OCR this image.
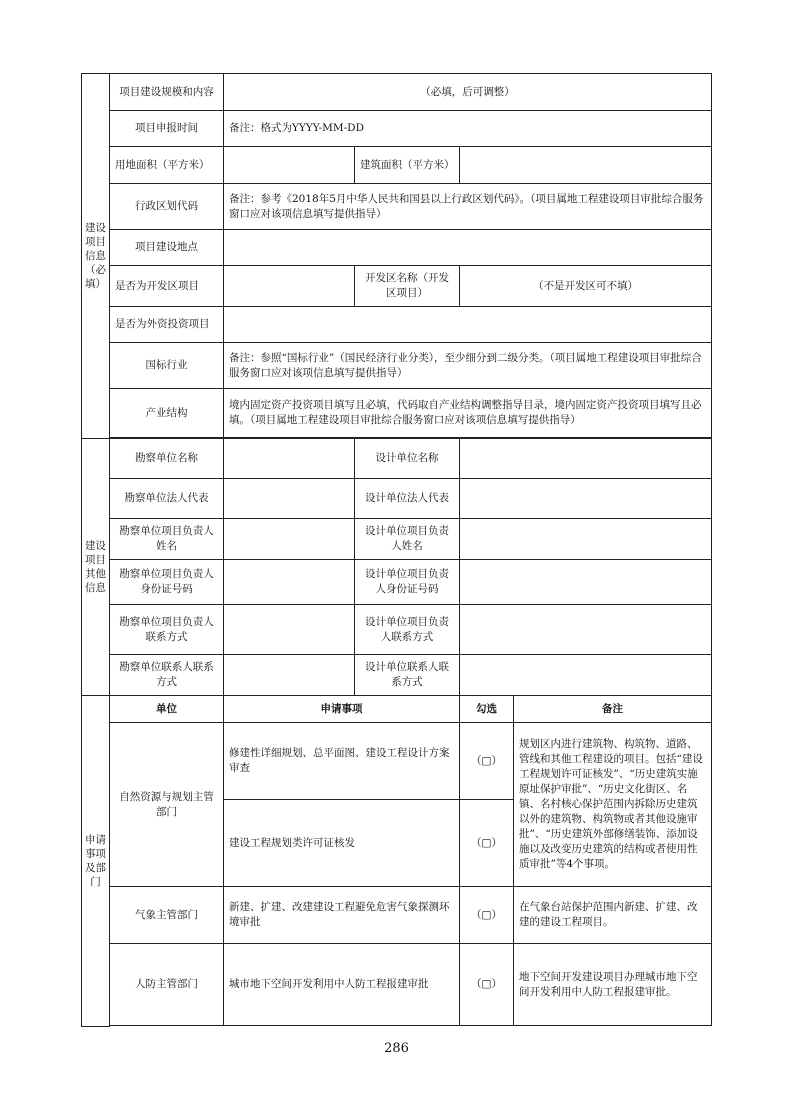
建设项目信息（必填）	项目建设规模和内容	（必填，后可调整）			
	项目申报时间	备注：格式为YYYY-MM-DD			
	用地面积（平方米）		建筑面积（平方米）		
	行政区划代码	备注：参考《2018年5月中华人民共和国县以上行政区划代码》。（项目属地工程建设项目审批综合服务窗口应对该项信息填写提供指导）			
	项目建设地点				
	是否为开发区项目		开发区名称（开发区项目）	（不是开发区可不填）	
	是否为外资投资项目				
	国标行业	备注：参照“国标行业”（国民经济行业分类），至少细分到二级分类。（项目属地工程建设项目审批综合服务窗口应对该项信息填写提供指导）			
	产业结构	境内固定资产投资项目填写且必填，代码取自产业结构调整指导目录，境内固定资产投资项目填写且必填。（项目属地工程建设项目审批综合服务窗口应对该项信息填写提供指导）			

建设项目其他信息	勘察单位名称		设计单位名称		
	勘察单位法人代表		设计单位法人代表		
	勘察单位项目负责人姓名		设计单位项目负责人姓名		
	勘察单位项目负责人身份证号码		设计单位项目负责人身份证号码		
	勘察单位项目负责人联系方式		设计单位项目负责人联系方式		
	勘察单位联系人联系方式		设计单位联系人联系方式		
申请事项及部门	单位	申请事项		勾选	备注
	自然资源与规划主管部门	修建性详细规划、总平面图、建设工程设计方案审查		（□）	规划区内进行建筑物、构筑物、道路、管线和其他工程建设的项目。包括“建设工程规划许可证核发”、“历史建筑实施原址保护审批”、“历史文化街区、名镇、名村核心保护范围内拆除历史建筑以外的建筑物、构筑物或者其他设施审批”、“历史建筑外部修缮装饰、添加设施以及改变历史建筑的结构或者使用性质审批”等4个事项。
		建设工程规划类许可证核发		（□）	
	气象主管部门	新建、扩建、改建建设工程避免危害气象探测环境审批		（□）	在气象台站保护范围内新建、扩建、改建的建设工程项目。
	人防主管部门	城市地下空间开发利用中人防工程报建审批		（□）	地下空间开发建设项目办理城市地下空间开发利用中人防工程报建审批。

286
